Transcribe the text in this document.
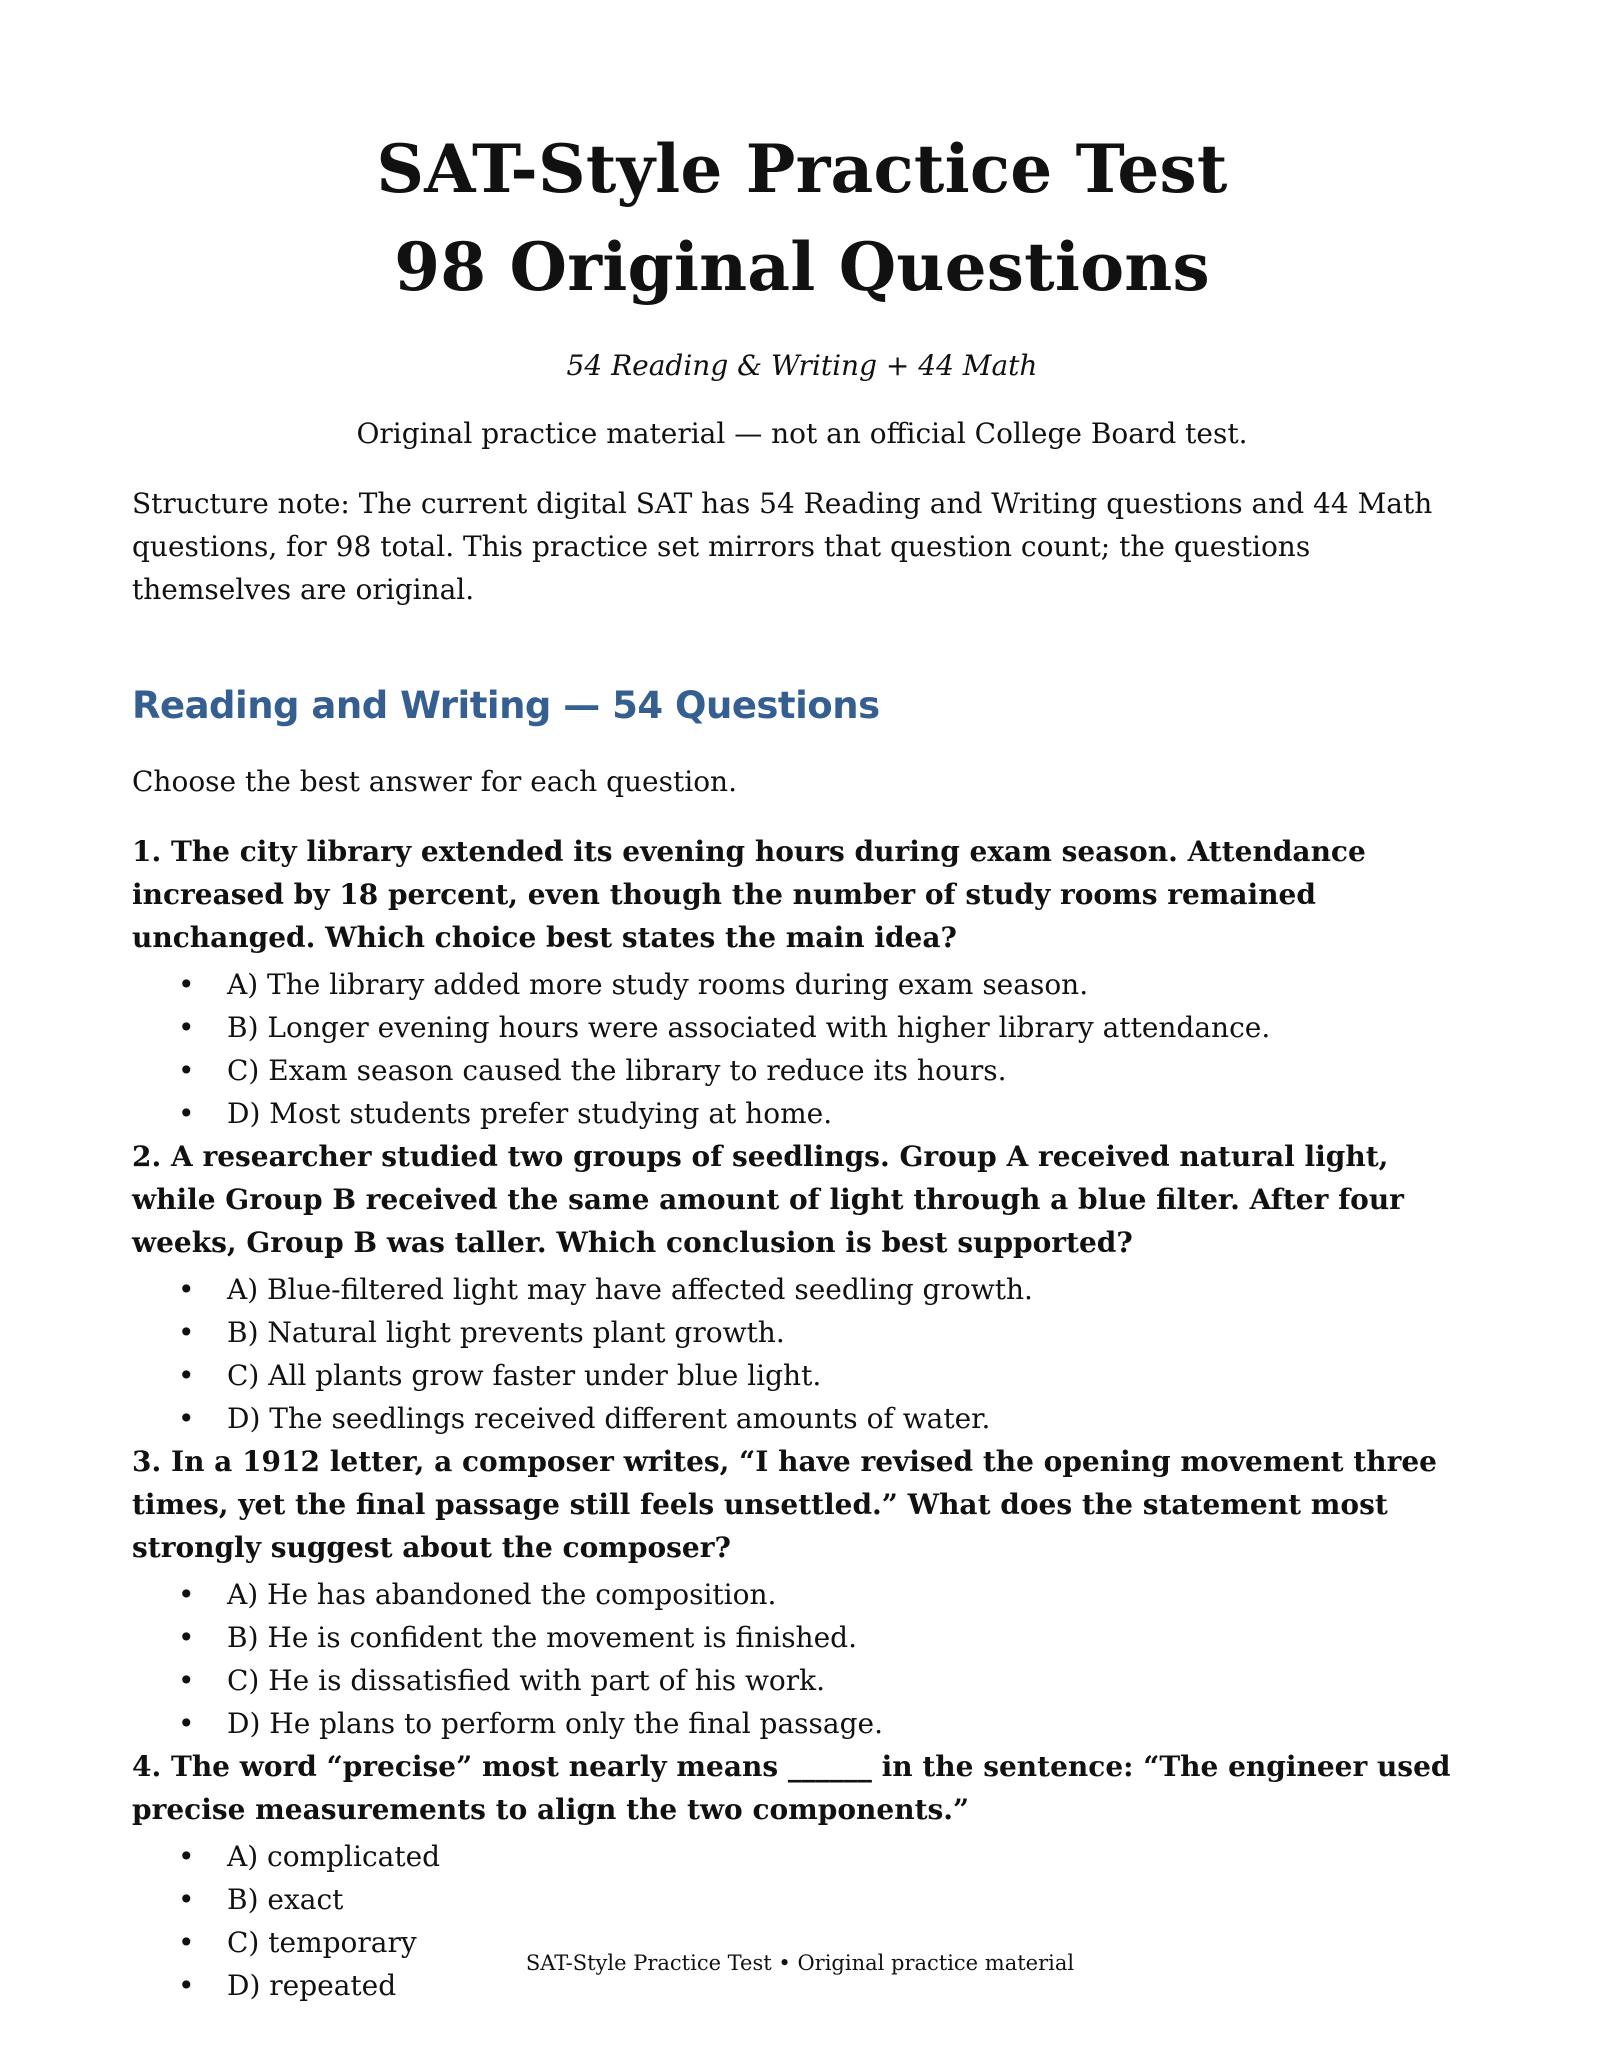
SAT-Style Practice Test
98 Original Questions
54 Reading & Writing + 44 Math
Original practice material — not an official College Board test.
Structure note: The current digital SAT has 54 Reading and Writing questions and 44 Math questions, for 98 total. This practice set mirrors that question count; the questions themselves are original.
Reading and Writing — 54 Questions
Choose the best answer for each question.
1. The city library extended its evening hours during exam season. Attendance increased by 18 percent, even though the number of study rooms remained unchanged. Which choice best states the main idea?
• A) The library added more study rooms during exam season.
• B) Longer evening hours were associated with higher library attendance.
• C) Exam season caused the library to reduce its hours.
• D) Most students prefer studying at home.
2. A researcher studied two groups of seedlings. Group A received natural light, while Group B received the same amount of light through a blue filter. After four weeks, Group B was taller. Which conclusion is best supported?
• A) Blue-filtered light may have affected seedling growth.
• B) Natural light prevents plant growth.
• C) All plants grow faster under blue light.
• D) The seedlings received different amounts of water.
3. In a 1912 letter, a composer writes, “I have revised the opening movement three times, yet the final passage still feels unsettled.” What does the statement most strongly suggest about the composer?
• A) He has abandoned the composition.
• B) He is confident the movement is finished.
• C) He is dissatisfied with part of his work.
• D) He plans to perform only the final passage.
4. The word “precise” most nearly means ______ in the sentence: “The engineer used precise measurements to align the two components.”
• A) complicated
• B) exact
• C) temporary
• D) repeated
SAT-Style Practice Test • Original practice material
